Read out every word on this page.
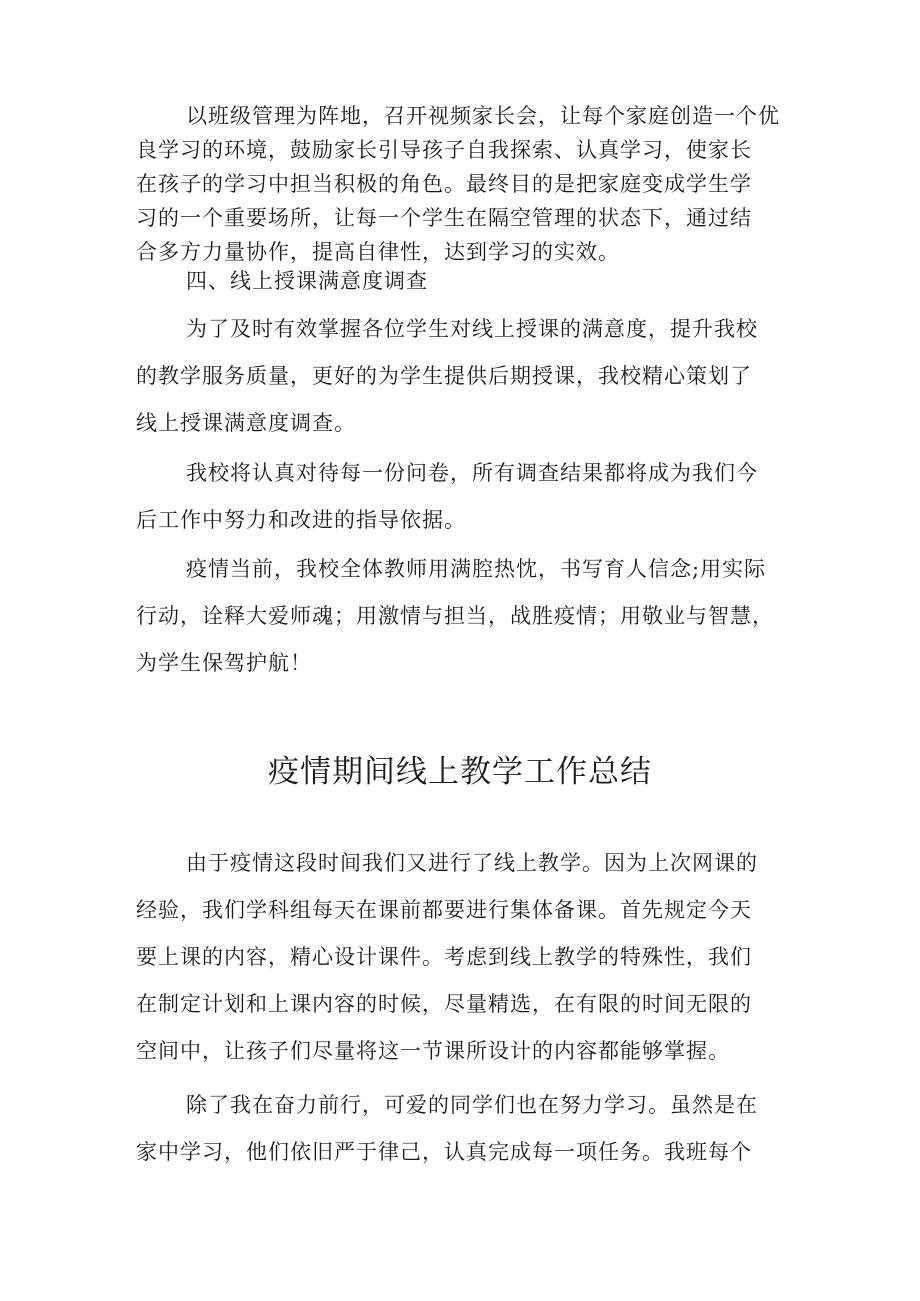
以班级管理为阵地，召开视频家长会，让每个家庭创造一个优
良学习的环境，鼓励家长引导孩子自我探索、认真学习，使家长
在孩子的学习中担当积极的角色。最终目的是把家庭变成学生学
习的一个重要场所，让每一个学生在隔空管理的状态下，通过结
合多方力量协作，提高自律性，达到学习的实效。

四、线上授课满意度调查

为了及时有效掌握各位学生对线上授课的满意度，提升我校
的教学服务质量，更好的为学生提供后期授课，我校精心策划了
线上授课满意度调查。

我校将认真对待每一份问卷，所有调查结果都将成为我们今
后工作中努力和改进的指导依据。

疫情当前，我校全体教师用满腔热忱，书写育人信念;用实际
行动，诠释大爱师魂；用激情与担当，战胜疫情；用敬业与智慧，
为学生保驾护航！

疫情期间线上教学工作总结

由于疫情这段时间我们又进行了线上教学。因为上次网课的
经验，我们学科组每天在课前都要进行集体备课。首先规定今天
要上课的内容，精心设计课件。考虑到线上教学的特殊性，我们
在制定计划和上课内容的时候，尽量精选，在有限的时间无限的
空间中，让孩子们尽量将这一节课所设计的内容都能够掌握。

除了我在奋力前行，可爱的同学们也在努力学习。虽然是在
家中学习，他们依旧严于律己，认真完成每一项任务。我班每个
